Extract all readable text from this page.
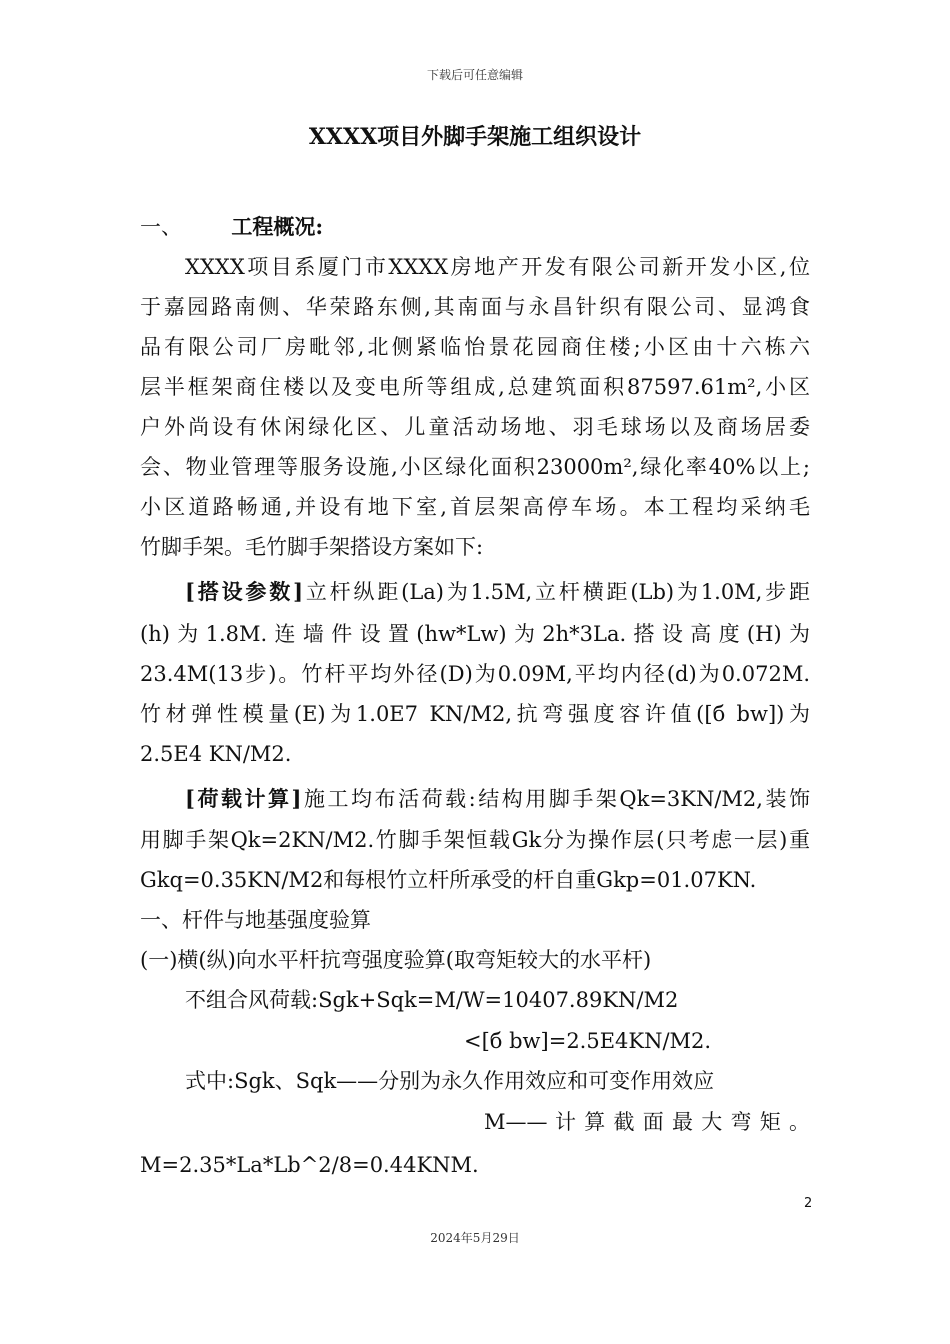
下载后可任意编辑
XXXX项目外脚手架施工组织设计
一、 工程概况:
XXXX项目系厦门市XXXX房地产开发有限公司新开发小区,位
于嘉园路南侧、华荣路东侧,其南面与永昌针织有限公司、显鸿食
品有限公司厂房毗邻,北侧紧临怡景花园商住楼;小区由十六栋六
层半框架商住楼以及变电所等组成,总建筑面积87597.61m²,小区
户外尚设有休闲绿化区、儿童活动场地、羽毛球场以及商场居委
会、物业管理等服务设施,小区绿化面积23000m²,绿化率40%以上;
小区道路畅通,并设有地下室,首层架高停车场。本工程均采纳毛
竹脚手架。毛竹脚手架搭设方案如下:
[搭设参数]立杆纵距(La)为1.5M,立杆横距(Lb)为1.0M,步距
(h)为1.8M.连墙件设置(hw*Lw)为2h*3La.搭设高度(H)为
23.4M(13步)。竹杆平均外径(D)为0.09M,平均内径(d)为0.072M.
竹材弹性模量(E)为1.0E7 KN/M2,抗弯强度容许值([б bw])为
2.5E4 KN/M2.
[荷载计算]施工均布活荷载:结构用脚手架Qk=3KN/M2,装饰
用脚手架Qk=2KN/M2.竹脚手架恒载Gk分为操作层(只考虑一层)重
Gkq=0.35KN/M2和每根竹立杆所承受的杆自重Gkp=01.07KN.
一、杆件与地基强度验算
(一)横(纵)向水平杆抗弯强度验算(取弯矩较大的水平杆)
不组合风荷载:Sgk+Sqk=M/W=10407.89KN/M2
<[б bw]=2.5E4KN/M2.
式中:Sgk、Sqk——分别为永久作用效应和可变作用效应
M—— 计 算 截 面 最 大 弯 矩 。
M=2.35*La*Lb^2/8=0.44KNM.
2
2024年5月29日
